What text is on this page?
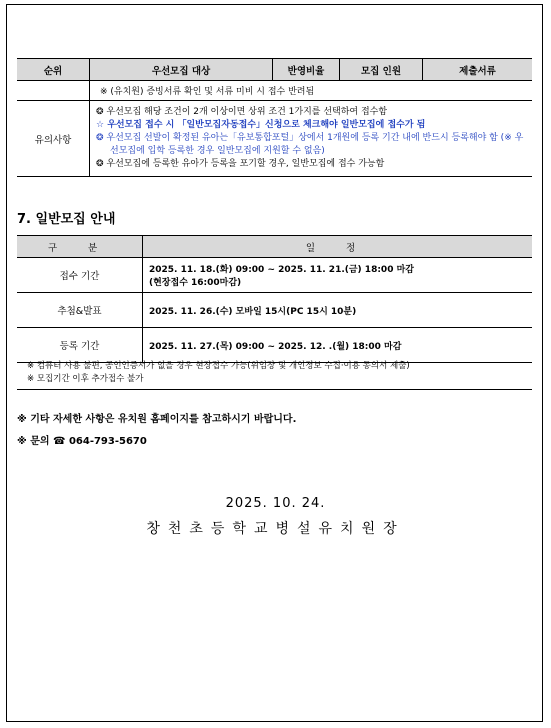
순위	우선모집 대상	반영비율	모집 인원	제출서류
	※ (유치원) 증빙서류 확인 및 서류 미비 시 접수 반려됨			
유의사항	❂ 우선모집 해당 조건이 2개 이상이면 상위 조건 1가지를 선택하여 접수함
☆ 우선모집 접수 시 「일반모집자동접수」신청으로 체크해야 일반모집에 접수가 됨
❂ 우선모집 선발이 확정된 유아는「유보통합포털」상에서 1개원에 등록 기간 내에 반드시 등록해야 함 (※ 우선모집에 입학 등록한 경우 일반모집에 지원할 수 없음)
❂ 우선모집에 등록한 유아가 등록을 포기할 경우, 일반모집에 접수 가능함			
7. 일반모집 안내
구 분	일 정
접수 기간	2025. 11. 18.(화) 09:00 ~ 2025. 11. 21.(금) 18:00 마감
(현장접수 16:00마감)

추첨&발표	2025. 11. 26.(수) 모바일 15시(PC 15시 10분)
등록 기간	2025. 11. 27.(목) 09:00 ~ 2025. 12. .(월) 18:00 마감
※ 컴퓨터 사용 불편, 공인인증서가 없을 경우 현장접수 가능(위임장 및 개인정보 수집·이용 동의서 제출)
※ 모집기간 이후 추가접수 불가
※ 기타 자세한 사항은 유치원 홈페이지를 참고하시기 바랍니다.
※ 문의 ☎ 064-793-5670
2025. 10. 24.
창천초등학교병설유치원장
